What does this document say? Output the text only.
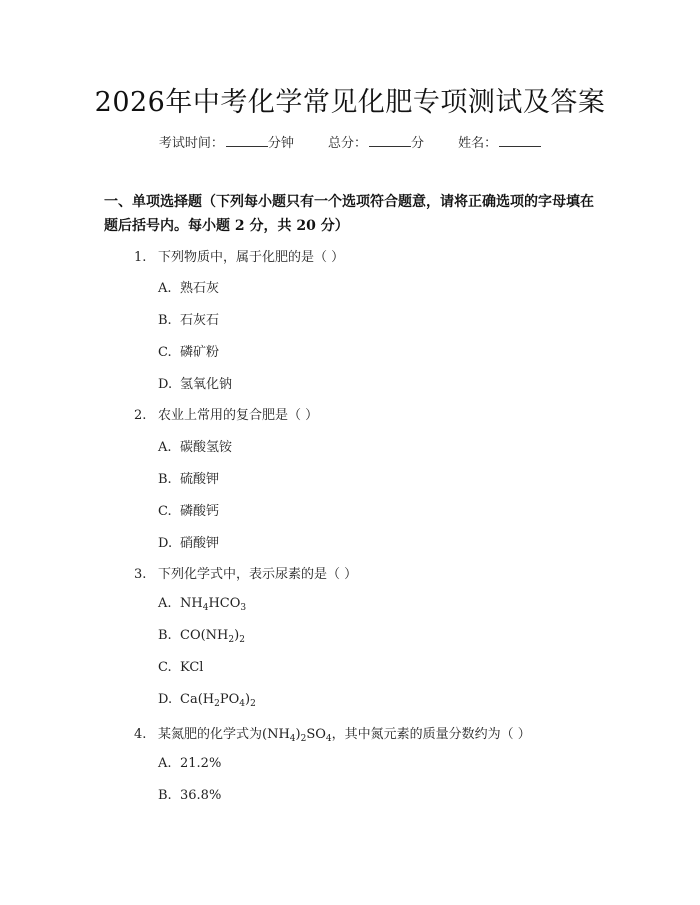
2026年中考化学常见化肥专项测试及答案
考试时间：	分钟	总分：	分	姓名：
一、单项选择题（下列每小题只有一个选项符合题意，请将正确选项的字母填在题后括号内。每小题 2 分，共 20 分）
1. 下列物质中，属于化肥的是（ ）
A. 熟石灰
B. 石灰石
C. 磷矿粉
D. 氢氧化钠
2. 农业上常用的复合肥是（ ）
A. 碳酸氢铵
B. 硫酸钾
C. 磷酸钙
D. 硝酸钾
3. 下列化学式中，表示尿素的是（ ）
A. $NH_4HCO_3$
B. $CO(NH_2)_2$
C. KCl
D. $Ca(H_2PO_4)_2$
4. 某氮肥的化学式为$(NH_4)_2SO_4$，其中氮元素的质量分数约为（ ）
A. 21.2%
B. 36.8%
